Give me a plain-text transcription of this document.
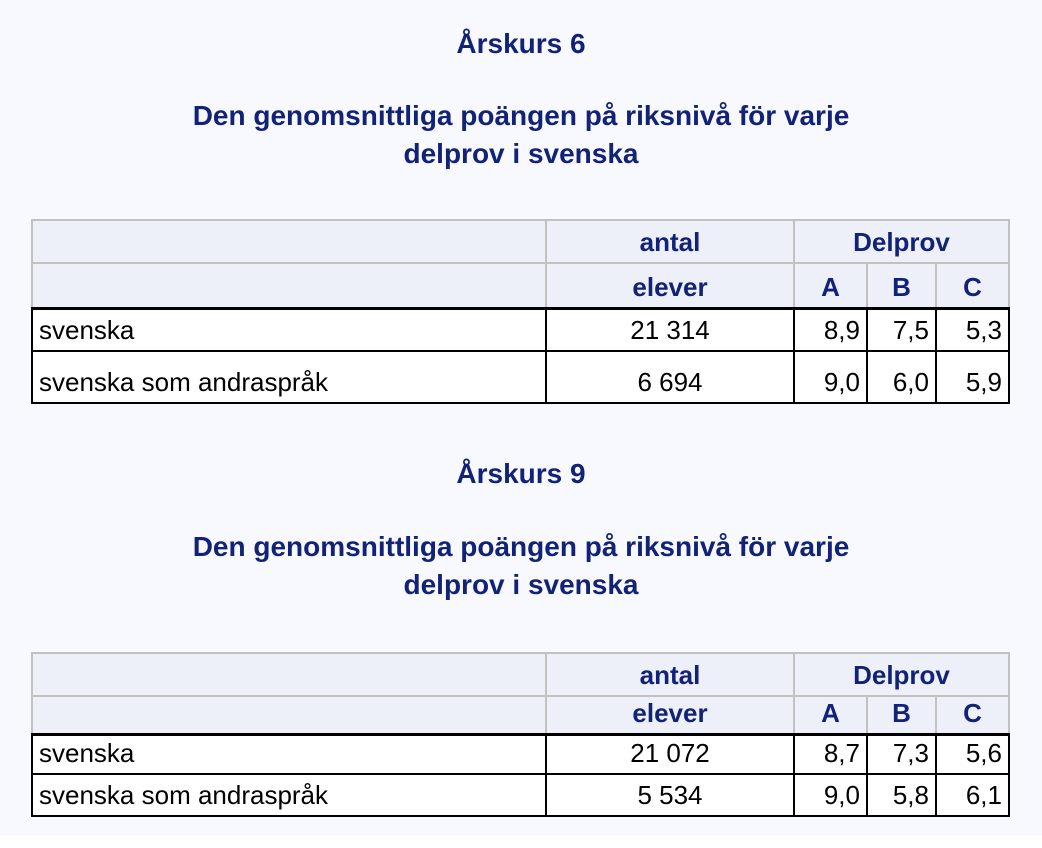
Årskurs 6
Den genomsnittliga poängen på riksnivå för varje
delprov i svenska
	antal	Delprov		
	elever	A	B	C
svenska	21 314	8,9	7,5	5,3
svenska som andraspråk	6 694	9,0	6,0	5,9
Årskurs 9
Den genomsnittliga poängen på riksnivå för varje
delprov i svenska
	antal	Delprov		
	elever	A	B	C
svenska	21 072	8,7	7,3	5,6
svenska som andraspråk	5 534	9,0	5,8	6,1
